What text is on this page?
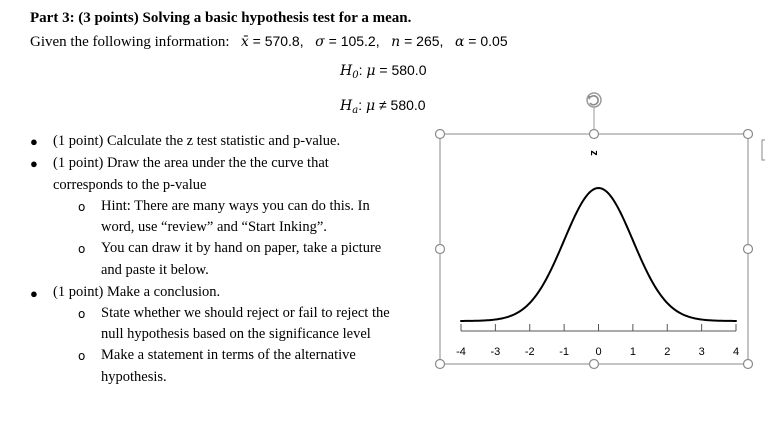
Part 3: (3 points) Solving a basic hypothesis test for a mean.
Given the following information: x̄ = 570.8,   σ = 105.2,   n = 265,   α = 0.05
$H_0$: μ = 580.0
$H_a$: μ ≠ 580.0
● (1 point) Calculate the z test statistic and p-value.
● (1 point) Draw the area under the the curve that
corresponds to the p-value
o Hint: There are many ways you can do this. In
word, use “review” and “Start Inking”.
o You can draw it by hand on paper, take a picture
and paste it below.
● (1 point) Make a conclusion.
o State whether we should reject or fail to reject the
null hypothesis based on the significance level
o Make a statement in terms of the alternative
hypothesis.
z
-4 -3 -2 -1 0	1	2	3	4
